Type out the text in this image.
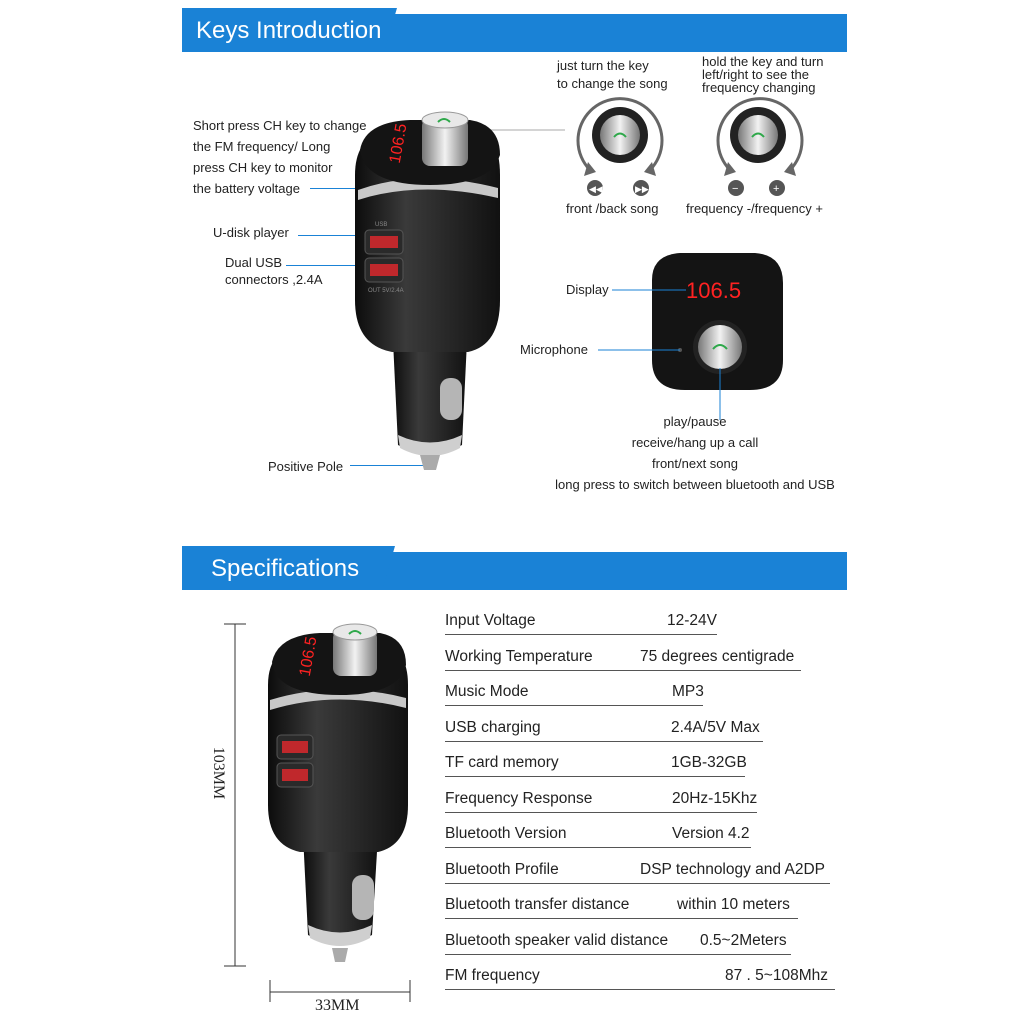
Keys Introduction
Short press CH key to change
the FM frequency/ Long
press CH key to monitor
the battery voltage
U-disk player
Dual USB
connectors ,2.4A
Positive Pole
106.5
USB
OUT 5V/2.4A
◀◀	▶▶	−	+
106.5
just turn the key
to change the song
front /back song
hold the key and turn
left/right to see the
frequency changing
frequency -/frequency +
Display
Microphone
play/pause
receive/hang up a call
front/next song
long press to switch between bluetooth and USB
Specifications
106.5
103MM
33MM
Input Voltage	12-24V
Working Temperature	75 degrees centigrade
Music Mode	MP3
USB charging	2.4A/5V Max
TF card memory	1GB-32GB
Frequency Response	20Hz-15Khz
Bluetooth Version	Version 4.2
Bluetooth Profile	DSP technology and A2DP
Bluetooth transfer distance	within 10 meters
Bluetooth speaker valid distance 0.5~2Meters
FM frequency	87 . 5~108Mhz
